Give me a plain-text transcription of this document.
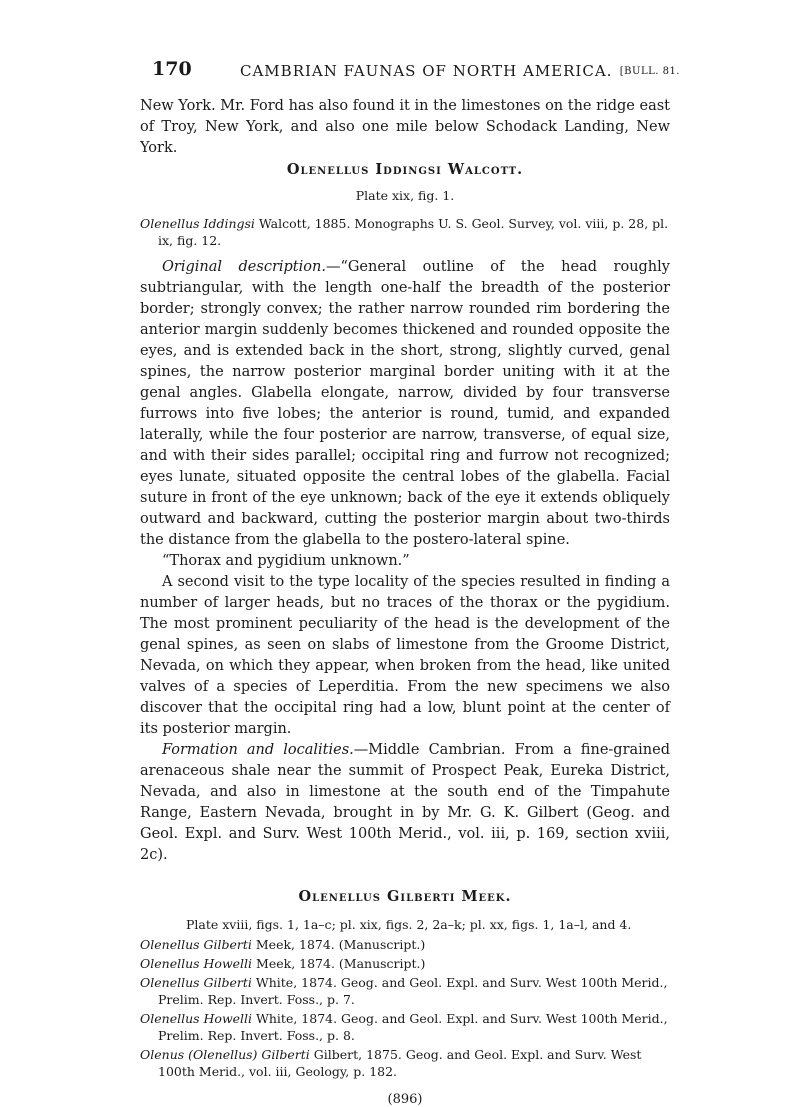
170	CAMBRIAN FAUNAS OF NORTH AMERICA. [BULL. 81.

New York. Mr. Ford has also found it in the limestones on the ridge east of Troy, New York, and also one mile below Schodack Landing, New York.

Olenellus Iddingsi Walcott.
Plate xix, fig. 1.
Olenellus Iddingsi Walcott, 1885. Monographs U. S. Geol. Survey, vol. viii, p. 28, pl. ix, fig. 12.

Original description.—“General outline of the head roughly subtriangular, with the length one-half the breadth of the posterior border; strongly convex; the rather narrow rounded rim bordering the anterior margin suddenly becomes thickened and rounded opposite the eyes, and is extended back in the short, strong, slightly curved, genal spines, the narrow posterior marginal border uniting with it at the genal angles. Glabella elongate, narrow, divided by four transverse furrows into five lobes; the anterior is round, tumid, and expanded laterally, while the four posterior are narrow, transverse, of equal size, and with their sides parallel; occipital ring and furrow not recognized; eyes lunate, situated opposite the central lobes of the glabella. Facial suture in front of the eye unknown; back of the eye it extends obliquely outward and backward, cutting the posterior margin about two-thirds the distance from the glabella to the postero-lateral spine.

“Thorax and pygidium unknown.”

A second visit to the type locality of the species resulted in finding a number of larger heads, but no traces of the thorax or the pygidium. The most prominent peculiarity of the head is the development of the genal spines, as seen on slabs of limestone from the Groome District, Nevada, on which they appear, when broken from the head, like united valves of a species of Leperditia. From the new specimens we also discover that the occipital ring had a low, blunt point at the center of its posterior margin.

Formation and localities.—Middle Cambrian. From a fine-grained arenaceous shale near the summit of Prospect Peak, Eureka District, Nevada, and also in limestone at the south end of the Timpahute Range, Eastern Nevada, brought in by Mr. G. K. Gilbert (Geog. and Geol. Expl. and Surv. West 100th Merid., vol. iii, p. 169, section xviii, 2c).

Olenellus Gilberti Meek.
Plate xviii, figs. 1, 1a–c; pl. xix, figs. 2, 2a–k; pl. xx, figs. 1, 1a–l, and 4.
Olenellus Gilberti Meek, 1874. (Manuscript.)
Olenellus Howelli Meek, 1874. (Manuscript.)
Olenellus Gilberti White, 1874. Geog. and Geol. Expl. and Surv. West 100th Merid., Prelim. Rep. Invert. Foss., p. 7.
Olenellus Howelli White, 1874. Geog. and Geol. Expl. and Surv. West 100th Merid., Prelim. Rep. Invert. Foss., p. 8.
Olenus (Olenellus) Gilberti Gilbert, 1875. Geog. and Geol. Expl. and Surv. West 100th Merid., vol. iii, Geology, p. 182.
(896)
